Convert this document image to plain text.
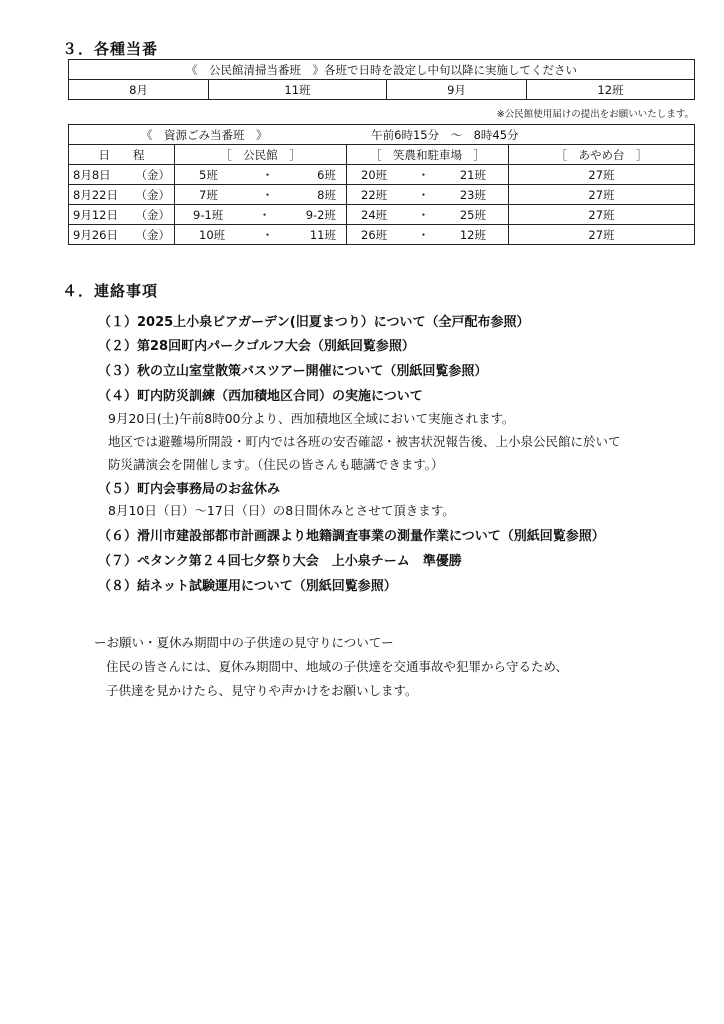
３．各種当番
《　公民館清掃当番班　》各班で日時を設定し中旬以降に実施してください
8月	11班	9月	12班
※公民館使用届けの提出をお願いいたします。
《　資源ごみ当番班　》 午前6時15分　～　8時45分			
日　　程	［　公民館　］	［　笑農和駐車場　］	［　あやめ台　］

8月8日 （金）	5班 ・ 6班	20班 ・ 21班	27班

8月22日 （金）	7班 ・ 8班	22班 ・ 23班	27班

9月12日 （金）	9-1班 ・ 9-2班	24班 ・ 25班	27班

9月26日 （金）	10班 ・ 11班	26班 ・ 12班	27班
４．連絡事項
（１）2025上小泉ビアガーデン(旧夏まつり）について（全戸配布参照）
（２）第28回町内パークゴルフ大会（別紙回覧参照）
（３）秋の立山室堂散策バスツアー開催について（別紙回覧参照）
（４）町内防災訓練（西加積地区合同）の実施について
9月20日(土)午前8時00分より、西加積地区全域において実施されます。
地区では避難場所開設・町内では各班の安否確認・被害状況報告後、上小泉公民館に於いて
防災講演会を開催します。（住民の皆さんも聴講できます。）
（５）町内会事務局のお盆休み
8月10日（日）～17日（日）の8日間休みとさせて頂きます。
（６）滑川市建設部都市計画課より地籍調査事業の測量作業について（別紙回覧参照）
（７）ペタンク第２４回七夕祭り大会　上小泉チーム　準優勝
（８）結ネット試験運用について（別紙回覧参照）
ーお願い・夏休み期間中の子供達の見守りについてー
住民の皆さんには、夏休み期間中、地域の子供達を交通事故や犯罪から守るため、
子供達を見かけたら、見守りや声かけをお願いします。
